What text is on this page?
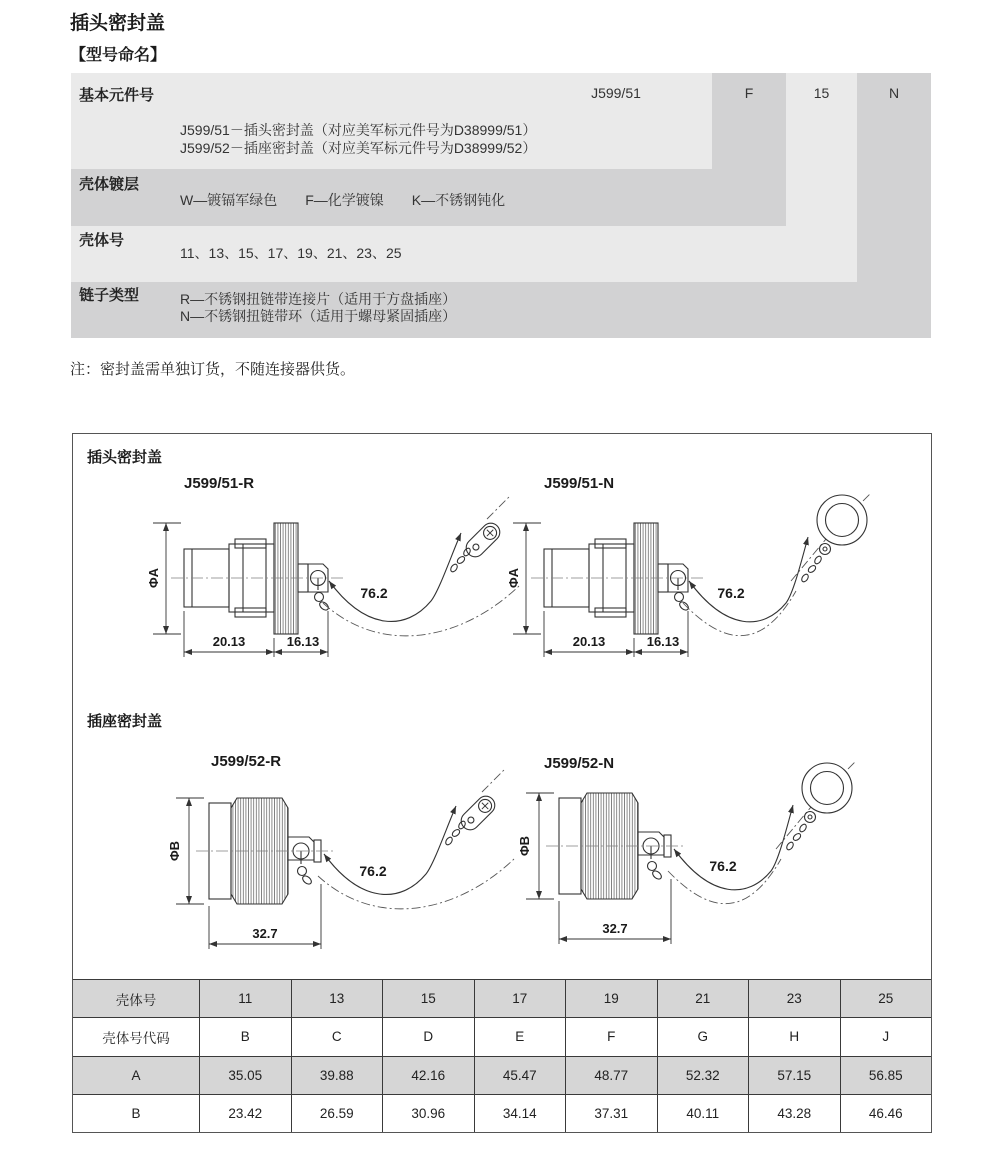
插头密封盖
【型号命名】
基本元件号	J599/51	F	15	N
J599/51－插头密封盖（对应美军标元件号为D38999/51）
J599/52－插座密封盖（对应美军标元件号为D38999/52）
壳体镀层
W—镀镉军绿色　　F—化学镀镍　　K—不锈钢钝化
壳体号
11、13、15、17、19、21、23、25
链子类型	R—不锈钢扭链带连接片（适用于方盘插座）
N—不锈钢扭链带环（适用于螺母紧固插座）
注：密封盖需单独订货，不随连接器供货。
插头密封盖
J599/51-R	J599/51-N
ΦA
20.13	16.13
76.2
ΦA
20.13	16.13
76.2
插座密封盖
J599/52-R	J599/52-N
ΦB
32.7
76.2
ΦB
32.7
76.2
壳体号	11	13	15	17	19	21	23	25
壳体号代码	B	C	D	E	F	G	H	J
A	35.05	39.88	42.16	45.47	48.77	52.32	57.15	56.85
B	23.42	26.59	30.96	34.14	37.31	40.11	43.28	46.46
